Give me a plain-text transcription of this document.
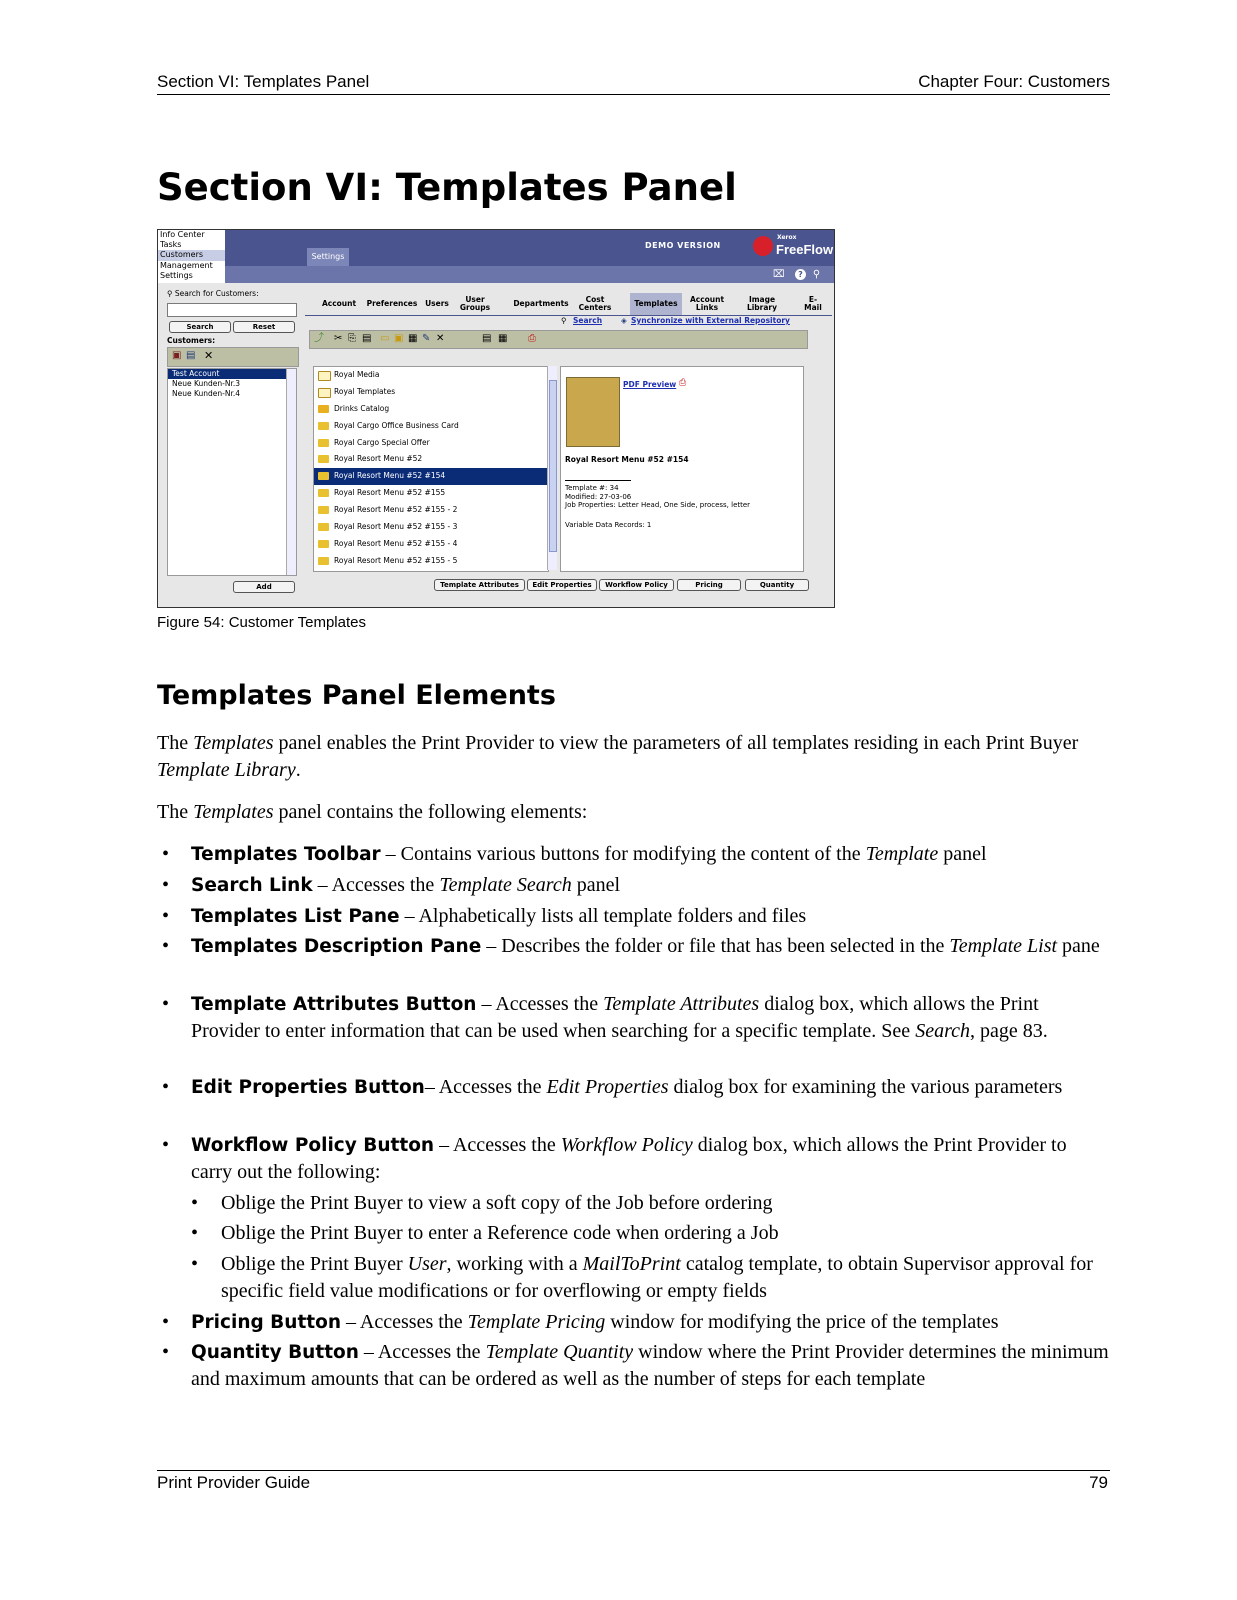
Section VI: Templates Panel	Chapter Four: Customers
Section VI: Templates Panel
Info Center
Tasks
Customers
Management
Settings
Settings
DEMO VERSION
Xerox
FreeFlow Web Services
⌧	?	⚲
⚲ Search for Customers:
Search	Reset
Customers:
▣ ▤ ✕
Test Account
Neue Kunden-Nr.3
Neue Kunden-Nr.4
Add
Account	Preferences	Users	User Groups	Departments	Cost Centers	Templates	Account Links
Image Library
E-Mail
⚲ Search	◈ Synchronize with External Repository
⤴ ✂ ⎘ ▤ ▭ ▣ ▦ ✎ ✕	▤ ▦ ⎙
Royal Media
Royal Templates
Drinks Catalog
Royal Cargo Office Business Card
Royal Cargo Special Offer
Royal Resort Menu #52
Royal Resort Menu #52 #154
Royal Resort Menu #52 #155
Royal Resort Menu #52 #155 - 2
Royal Resort Menu #52 #155 - 3
Royal Resort Menu #52 #155 - 4
Royal Resort Menu #52 #155 - 5
PDF Preview ⎙
Royal Resort Menu #52 #154
Template #: 34
Modified: 27-03-06
Job Properties: Letter Head, One Side, process, letter
Variable Data Records: 1
Template Attributes	Edit Properties	Workflow Policy	Pricing	Quantity
Figure 54: Customer Templates
Templates Panel Elements
The Templates panel enables the Print Provider to view the parameters of all templates residing in each Print Buyer Template Library.
The Templates panel contains the following elements:
• Templates Toolbar – Contains various buttons for modifying the content of the Template panel
• Search Link – Accesses the Template Search panel
• Templates List Pane – Alphabetically lists all template folders and files
• Templates Description Pane – Describes the folder or file that has been selected in the Template List pane
• Template Attributes Button – Accesses the Template Attributes dialog box, which allows the Print Provider to enter information that can be used when searching for a specific template. See Search, page 83.
• Edit Properties Button– Accesses the Edit Properties dialog box for examining the various parameters
• Workflow Policy Button – Accesses the Workflow Policy dialog box, which allows the Print Provider to carry out the following:
• Oblige the Print Buyer to view a soft copy of the Job before ordering
• Oblige the Print Buyer to enter a Reference code when ordering a Job
• Oblige the Print Buyer User, working with a MailToPrint catalog template, to obtain Supervisor approval for specific field value modifications or for overflowing or empty fields
• Pricing Button – Accesses the Template Pricing window for modifying the price of the templates
• Quantity Button – Accesses the Template Quantity window where the Print Provider determines the minimum and maximum amounts that can be ordered as well as the number of steps for each template
Print Provider Guide	79
